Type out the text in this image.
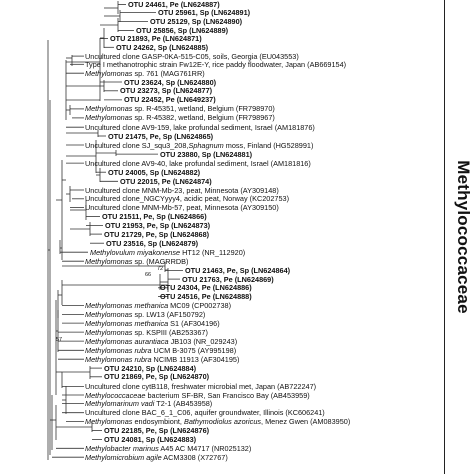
72
66
57
OTU 24461, Pe (LN624887)
OTU 25961, Sp (LN624891)
OTU 25129, Sp (LN624890)
OTU 25856, Sp (LN624889)
OTU 21893, Pe (LN624871)
OTU 24262, Sp (LN624885)
Uncultured clone GASP-0KA-515-C05, soils, Georgia (EU043553)
Type I methanotrophic strain Fw12E-Y, rice paddy floodwater, Japan (AB669154)
Methylomonas sp. 761 (MAG761RR)
OTU 23624, Sp (LN624880)
OTU 23273, Sp (LN624877)
OTU 22452, Pe (LN649237)
Methylomonas sp. R-45351, wetland, Belgium (FR798970)
Methylomonas sp. R-45382, wetland, Belgium (FR798967)
Uncultured clone AV9-159, lake profundal sediment, Israel (AM181876)
OTU 21475, Pe, Sp (LN624865)
Uncultured clone SJ_squ3_208,Sphagnum moss, Finland (HG528991)
OTU 23880, Sp (LN624881)
Uncultured clone AV9-40, lake profundal sediment, Israel (AM181816)
OTU 24005, Sp (LN624882)
OTU 22015, Pe (LN624874)
Uncultured clone MNM-Mb-23, peat, Minnesota (AY309148)
Uncultured clone_NGCYyyy4, acidic peat, Norway (KC202753)
Uncultured clone MNM-Mb-57, peat, Minnesota (AY309150)
OTU 21511, Pe, Sp (LN624866)
OTU 21953, Pe, Sp (LN624873)
OTU 21729, Pe, Sp (LN624868)
OTU 23516, Sp (LN624879)
Methylovulum miyakonense HT12 (NR_112920)
Methylomonas sp. (MAGRRDB)
OTU 21463, Pe, Sp (LN624864)
OTU 21763, Pe (LN624869)
OTU 24304, Pe (LN624886)
OTU 24516, Pe (LN624888)
Methylomonas methanica MC09 (CP002738)
Methylomonas sp. LW13 (AF150792)
Methylomonas methanica S1 (AF304196)
Methylomonas sp. KSPIII (AB253367)
Methylomonas aurantiaca JB103 (NR_029243)
Methylomonas rubra UCM B-3075 (AY995198)
Methylomonas rubra NCIMB 11913 (AF304195)
OTU 24210, Sp (LN624884)
OTU 21869, Pe, Sp (LN624870)
Uncultured clone cytB118, freshwater microbial met, Japan (AB722247)
Methylococcaceae bacterium SF-BR, San Francisco Bay (AB453959)
Methylomarinum vadi T2-1 (AB453958)
Uncultured clone BAC_6_1_C06, aquifer groundwater, Illinois (KC606241)
Methylomonas endosymbiont, Bathymodiolus azoricus, Menez Gwen (AM083950)
OTU 22185, Pe, Sp (LN624876)
OTU 24081, Sp (LN624883)
Methylobacter marinus A45 AC M4717 (NR025132)
Methylomicrobium agile ACM3308 (X72767)
Methylococcaceae
